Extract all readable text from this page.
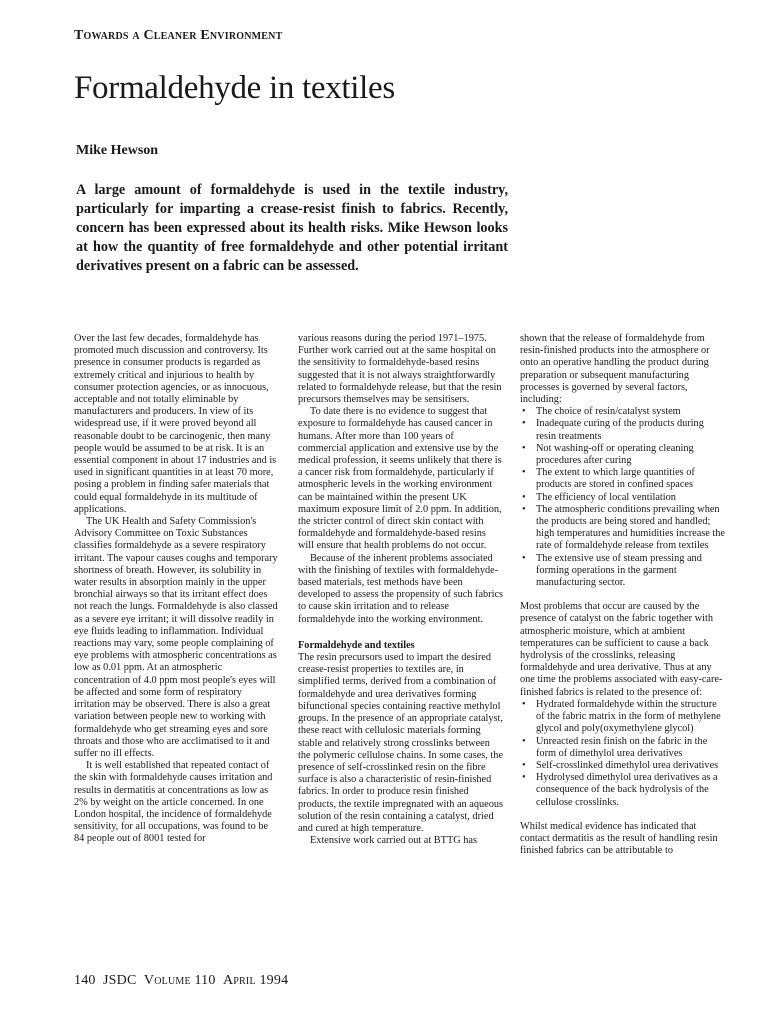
Towards a Cleaner Environment
Formaldehyde in textiles
Mike Hewson
A large amount of formaldehyde is used in the textile industry, particularly for imparting a crease-resist finish to fabrics. Recently, concern has been expressed about its health risks. Mike Hewson looks at how the quantity of free formaldehyde and other potential irritant derivatives present on a fabric can be assessed.

Over the last few decades, formaldehyde has promoted much discussion and controversy. Its presence in consumer products is regarded as extremely critical and injurious to health by consumer protection agencies, or as innocuous, acceptable and not totally eliminable by manufacturers and producers. In view of its widespread use, if it were proved beyond all reasonable doubt to be carcinogenic, then many people would be assumed to be at risk. It is an essential component in about 17 industries and is used in significant quantities in at least 70 more, posing a problem in finding safer materials that could equal formaldehyde in its multitude of applications.

The UK Health and Safety Commission's Advisory Committee on Toxic Substances classifies formaldehyde as a severe respiratory irritant. The vapour causes coughs and temporary shortness of breath. However, its solubility in water results in absorption mainly in the upper bronchial airways so that its irritant effect does not reach the lungs. Formaldehyde is also classed as a severe eye irritant; it will dissolve readily in eye fluids leading to inflammation. Individual reactions may vary, some people complaining of eye problems with atmospheric concentrations as low as 0.01 ppm. At an atmospheric concentration of 4.0 ppm most people's eyes will be affected and some form of respiratory irritation may be observed. There is also a great variation between people new to working with formaldehyde who get streaming eyes and sore throats and those who are acclimatised to it and suffer no ill effects.

It is well established that repeated contact of the skin with formaldehyde causes irritation and results in dermatitis at concentrations as low as 2% by weight on the article concerned. In one London hospital, the incidence of formaldehyde sensitivity, for all occupations, was found to be 84 people out of 8001 tested for

various reasons during the period 1971–1975. Further work carried out at the same hospital on the sensitivity to formaldehyde-based resins suggested that it is not always straightforwardly related to formaldehyde release, but that the resin precursors themselves may be sensitisers.

To date there is no evidence to suggest that exposure to formaldehyde has caused cancer in humans. After more than 100 years of commercial application and extensive use by the medical profession, it seems unlikely that there is a cancer risk from formaldehyde, particularly if atmospheric levels in the working environment can be maintained within the present UK maximum exposure limit of 2.0 ppm. In addition, the stricter control of direct skin contact with formaldehyde and formaldehyde-based resins will ensure that health problems do not occur.

Because of the inherent problems associated with the finishing of textiles with formaldehyde-based materials, test methods have been developed to assess the propensity of such fabrics to cause skin irritation and to release formaldehyde into the working environment.

Formaldehyde and textiles

The resin precursors used to impart the desired crease-resist properties to textiles are, in simplified terms, derived from a combination of formaldehyde and urea derivatives forming bifunctional species containing reactive methylol groups. In the presence of an appropriate catalyst, these react with cellulosic materials forming stable and relatively strong crosslinks between the polymeric cellulose chains. In some cases, the presence of self-crosslinked resin on the fibre surface is also a characteristic of resin-finished fabrics. In order to produce resin finished products, the textile impregnated with an aqueous solution of the resin containing a catalyst, dried and cured at high temperature.

Extensive work carried out at BTTG has

shown that the release of formaldehyde from resin-finished products into the atmosphere or onto an operative handling the product during preparation or subsequent manufacturing processes is governed by several factors, including:

• The choice of resin/catalyst system
• Inadequate curing of the products during resin treatments
• Not washing-off or operating cleaning procedures after curing
• The extent to which large quantities of products are stored in confined spaces
• The efficiency of local ventilation
• The atmospheric conditions prevailing when the products are being stored and handled; high temperatures and humidities increase the rate of formaldehyde release from textiles
• The extensive use of steam pressing and forming operations in the garment manufacturing sector.

Most problems that occur are caused by the presence of catalyst on the fabric together with atmospheric moisture, which at ambient temperatures can be sufficient to cause a back hydrolysis of the crosslinks, releasing formaldehyde and urea derivative. Thus at any one time the problems associated with easy-care-finished fabrics is related to the presence of:

• Hydrated formaldehyde within the structure of the fabric matrix in the form of methylene glycol and poly(oxymethylene glycol)
• Unreacted resin finish on the fabric in the form of dimethylol urea derivatives
• Self-crosslinked dimethylol urea derivatives
• Hydrolysed dimethylol urea derivatives as a consequence of the back hydrolysis of the cellulose crosslinks.

Whilst medical evidence has indicated that contact dermatitis as the result of handling resin finished fabrics can be attributable to

140 JSDC Volume 110 April 1994
